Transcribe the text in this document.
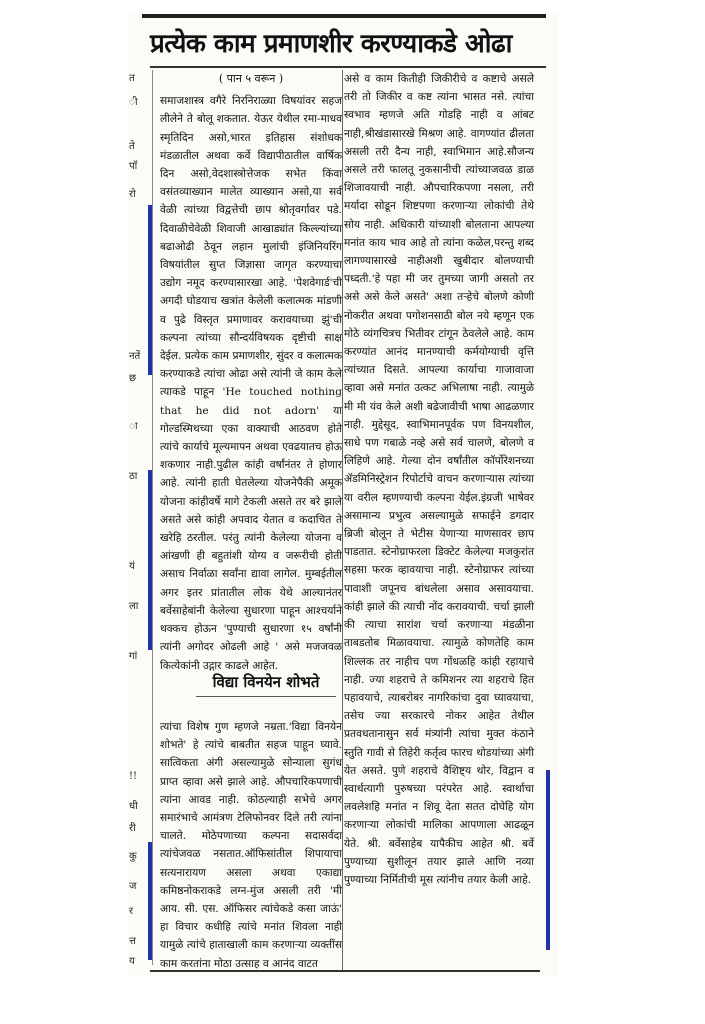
प्रत्येक काम प्रमाणशीर करण्याकडे ओढा

( पान ५ वरून )

समाजशास्त्र वगैरे निरनिराळ्या विषयांवर सहज लीलेने ते बोलू शकतात. येऊर येथील रमा-माधव स्मृतिदिन असो,भारत इतिहास संशोधक मंडळातील अथवा कर्वे विद्यापीठातील वार्षिक दिन असो,वेदशास्त्रोत्तेजक सभेत किंवा वसंतव्याख्यान मालेत व्याख्यान असो,या सर्व वेळी त्यांच्या विद्वत्तेची छाप श्रोतृवर्गावर पडे. दिवाळीचेवेळी शिवाजी आखाड्यांत किल्ल्यांच्या बढाओढी ठेवून लहान मुलांची इंजिनियरिंग विषयांतील सुप्त जिज्ञासा जागृत करण्याचा उद्योग नमूद करण्यासारखा आहे. 'पेशवेगार्ड'ची अगदी घोडयाच खत्रांत केलेली कलात्मक मांडणी व पुढे विस्तृत प्रमाणावर करावयाच्या झुं'ची कल्पना त्यांच्या सौन्दर्यविषयक दृष्टीची साक्ष देईल. प्रत्येक काम प्रमाणशीर, सुंदर व कलात्मक करण्याकडे त्यांचा ओढा असे त्यांनी जे काम केले त्याकडे पाहून 'He touched nothing that he did not adorn' या गोल्डस्मिथच्या एका वाक्याची आठवण होते त्यांचे कार्याचे मूल्यमापन अथवा एवढयातच होऊ शकणार नाही.पुढील कांही वर्षांनंतर ते होणार आहे. त्यांनी हाती घेतलेल्या योजनेपैकी अमूक योजना कांहीवर्षे मागे टेकली असते तर बरे झाले असते असे कांही अपवाद येतात व कदाचित ते खरेहि ठरतील. परंतु त्यांनी केलेल्या योजना व आंखणी ही बहुतांशी योग्य व जरूरीची होती असाच निर्वाळा सर्वांना द्यावा लागेल. मुम्बईतील अगर इतर प्रांतातील लोक येथे आल्यानंतर बर्वेसाहेबांनी केलेल्या सुधारणा पाहून आश्चर्याने थक्कच होऊन 'पुण्याची सुधारणा १५ वर्षांनी त्यांनी अगोदर ओढली आहे ' असे मजजवळ कित्येकांनी उद्गार काढले आहेत.

विद्या विनयेन शोभते

त्यांचा विशेष गुण म्हणजे नम्रता.'विद्या विनयेन शोभते' हे त्यांचे बाबतीत सहज पाहून घ्यावे. सात्विकता अंगी असल्यामुळे सोन्याला सुगंध प्राप्त व्हावा असे झाले आहे. औपचारिकपणाची त्यांना आवड नाही. कोठल्याही सभेचे अगर समारंभाचे आमंत्रण टेलिफोनवर दिले तरी त्यांना चालते. मोठेपणाच्या कल्पना सदासर्वदा त्यांचेजवळ नसतात.ऑफिसांतील शिपायाचा सत्यनारायण असला अथवा एकाद्या कमिष्ठनोकराकडे लग्न-मुंज असली तरी 'मी आय. सी. एस. ऑफिसर त्यांचेकडे कसा जाऊं' हा विचार कधीहि त्यांचे मनांत शिवला नाही यामुळे त्यांचे हाताखाली काम करणाऱ्या व्यक्तींस काम करतांना मोठा उत्साह व आनंद वाटत

असे व काम कितीही जिकीरीचे व कष्टाचे असले तरी तो जिकीर व कष्ट त्यांना भासत नसे. त्यांचा स्वभाव म्हणजे अति गोडहि नाही व आंबट नाही,श्रीखंडासारखे मिश्रण आहे. वागण्यांत ढीलता असली तरी दैन्य नाही, स्वाभिमान आहे.सौजन्य असले तरी फालतू नुकसानीची त्यांच्याजवळ डाळ शिजावयाची नाही. औपचारिकपणा नसला, तरी मर्यादा सोडून शिष्टपणा करणाऱ्या लोकांची तेथे सोय नाही. अधिकारी यांच्याशी बोलताना आपल्या मनांत काय भाव आहे तो त्यांना कळेल,परन्तु शब्द लागण्यासारखे नाहीअशी खुबीदार बोलण्याची पध्दती.'हे पहा मी जर तुमच्या जागी असतो तर असे असे केले असते' अशा तऱ्हेचे बोलणे कोणी नोकरीत अथवा पगोशनसाठी बोल नये म्हणून एक मोठे व्यंगचित्रच भितीवर टांगून ठेवलेले आहे. काम करण्यांत आनंद मानण्याची कर्मयोग्याची वृत्ति त्यांच्यात दिसते. आपल्या कार्याचा गाजावाजा व्हावा असे मनांत उत्कट अभिलाषा नाही. त्यामुळे मी मी यंव केले अशी बढेजावीची भाषा आढळणार नाही. मुद्देसूद, स्वाभिमानपूर्वक पण विनयशील, साधे पण गबाळे नव्हे असे सर्व चालणे, बोलणे व लिहिणे आहे. गेल्या दोन वर्षांतील कॉर्पोरेशनच्या ॲडमिनिस्ट्रेशन रिपोर्टाचे वाचन करणाऱ्यास त्यांच्या या वरील म्हणण्याची कल्पना येईल.इंग्रजी भाषेवर असामान्य प्रभुत्व असल्यामुळे सफाईने डगदार ब्रिजी बोलून ते भेटीस येणाऱ्या माणसावर छाप पाडतात. स्टेनोग्राफरला डिक्टेट केलेल्या मजकुरांत सहसा फरक व्हावयाचा नाही. स्टेनोग्राफर त्यांच्या पावाशी जपूनच बांधलेला असाव असावयाचा. कांही झाले की त्याची नोंद करावयाची. चर्चा झाली की त्याचा सारांश चर्चा करणाऱ्या मंडळीना ताबडतोब मिळावयाचा. त्यामुळे कोणतेहि काम शिल्लक तर नाहीच पण गोंधळहि कांही रहायाचे नाही. ज्या शहराचे ते कमिशनर त्या शहराचे हित पहावयाचे, त्याबरोबर नागरिकांचा दुवा घ्यावयाचा, तसेच ज्या सरकारचे नोकर आहेत तेथील प्रतवधतानासुन सर्व मंत्र्यांनी त्यांचा मुक्त कंठाने स्तुति गावी से तिहेरी कर्तृत्व फारच थोडयांच्या अंगी येत असते. पुणे शहराचे वैशिष्ट्य थोर, विद्वान व स्वार्थत्यागी पुरुषच्या परंपरेत आहे. स्वार्थाचा लवलेशहि मनांत न शिवू देता सतत दोघेहि योग करणाऱ्या लोकांची मालिका आपणाला आढळून येते. श्री. बर्वेसाहेब यापैकीच आहेत श्री. बर्वे पुण्याच्या सुशीलून तयार झाले आणि नव्या पुण्याच्या निर्मितीची मूस त्यांनीच तयार केली आहे.

त
ी
ते
पॉ
रो
नतें
छ
ा
ठा
यं
ला
गां
!!
धी
री
कु
ज
र
त्त
य
